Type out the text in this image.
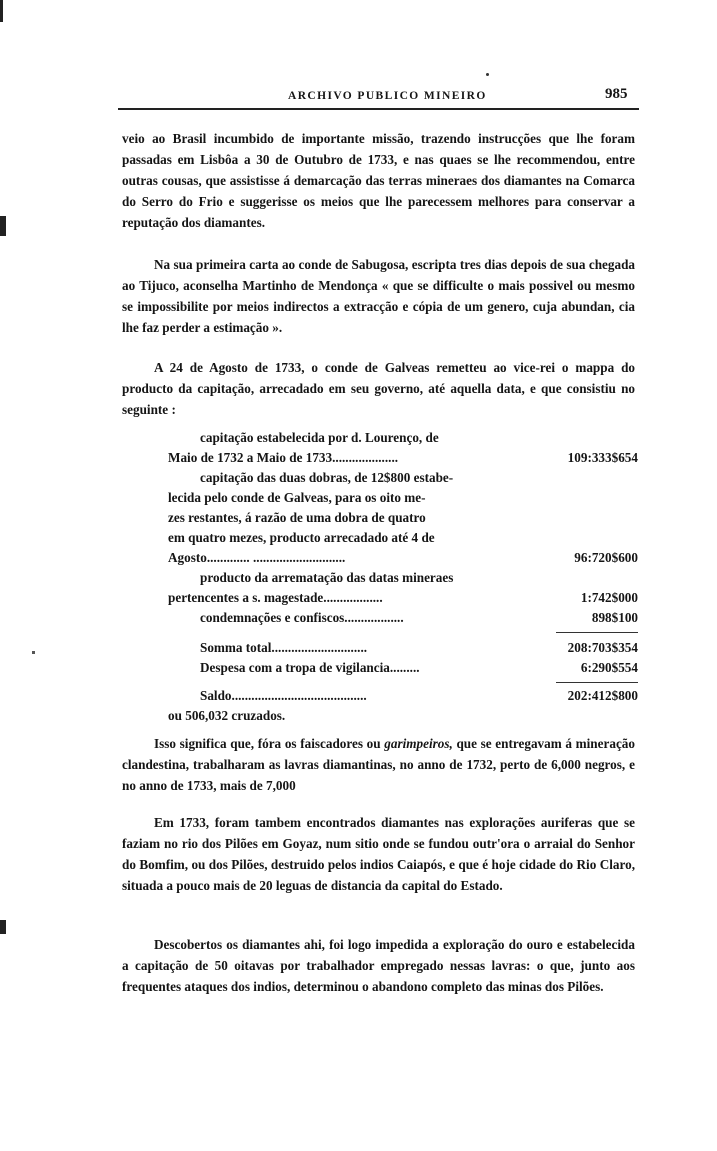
ARCHIVO PUBLICO MINEIRO	985
veio ao Brasil incumbido de importante missão, trazendo instrucções que lhe foram passadas em Lisbôa a 30 de Outubro de 1733, e nas quaes se lhe recommendou, entre outras cousas, que assistisse á demarcação das terras mineraes dos diamantes na Comarca do Serro do Frio e suggerisse os meios que lhe parecessem melhores para conservar a reputação dos diamantes.
Na sua primeira carta ao conde de Sabugosa, escripta tres dias depois de sua chegada ao Tijuco, aconselha Martinho de Mendonça « que se difficulte o mais possivel ou mesmo se impossibilite por meios indirectos a extracção e cópia de um genero, cuja abundan, cia lhe faz perder a estimação ».
A 24 de Agosto de 1733, o conde de Galveas remetteu ao vice-rei o mappa do producto da capitação, arrecadado em seu governo, até aquella data, e que consistiu no seguinte :
capitação estabelecida por d. Lourenço, de
Maio de 1732 a Maio de 1733....................	109:333$654
capitação das duas dobras, de 12$800 estabe-
lecida pelo conde de Galveas, para os oito me-
zes restantes, á razão de uma dobra de quatro
em quatro mezes, producto arrecadado até 4 de
Agosto............. ............................	96:720$600
producto da arrematação das datas mineraes
pertencentes a s. magestade..................	1:742$000
condemnações e confiscos..................	898$100
Somma total.............................	208:703$354
Despesa com a tropa de vigilancia.........	6:290$554
Saldo.........................................	202:412$800
ou 506,032 cruzados.
Isso significa que, fóra os faiscadores ou garimpeiros, que se entregavam á mineração clandestina, trabalharam as lavras diamantinas, no anno de 1732, perto de 6,000 negros, e no anno de 1733, mais de 7,000
Em 1733, foram tambem encontrados diamantes nas explorações auriferas que se faziam no rio dos Pilões em Goyaz, num sitio onde se fundou outr'ora o arraial do Senhor do Bomfim, ou dos Pilões, destruido pelos indios Caiapós, e que é hoje cidade do Rio Claro, situada a pouco mais de 20 leguas de distancia da capital do Estado.
Descobertos os diamantes ahi, foi logo impedida a exploração do ouro e estabelecida a capitação de 50 oitavas por trabalhador empregado nessas lavras: o que, junto aos frequentes ataques dos indios, determinou o abandono completo das minas dos Pilões.
